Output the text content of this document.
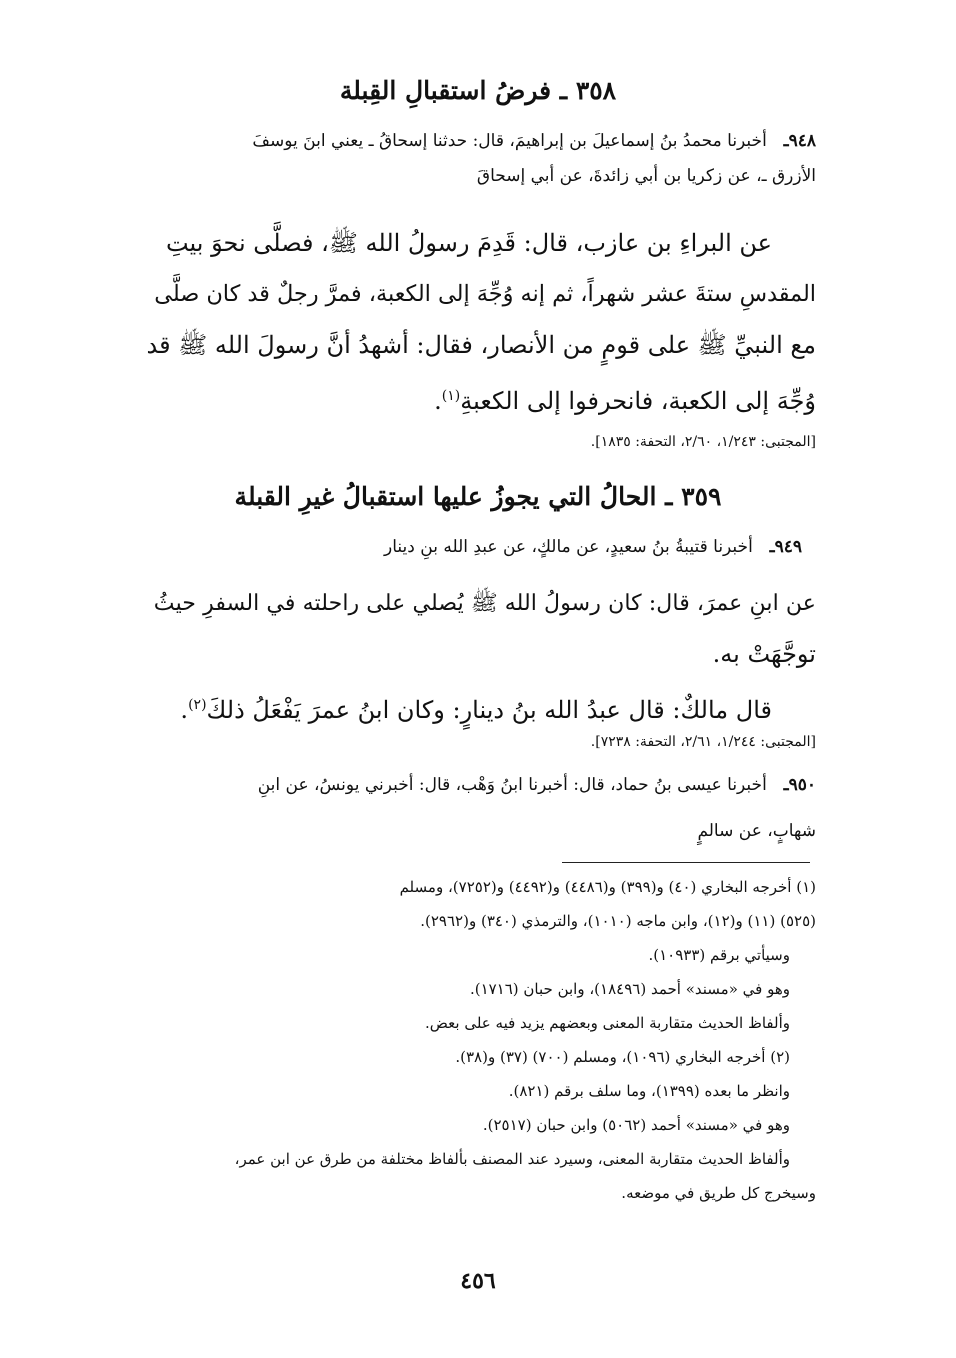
٣٥٨ ـ فرضُ استقبالِ القِبلة
٩٤٨ـ  أخبرنا محمدُ بنُ إسماعيلَ بن إبراهيمَ، قال: حدثنا إسحاقُ ـ يعني ابنَ يوسفَ
الأزرق ـ، عن زكريا بن أبي زائدةَ، عن أبي إسحاقَ
عن البراءِ بن عازب، قال: قَدِمَ رسولُ الله ﷺ، فصلَّى نحوَ بيتِ
المقدسِ ستةَ عشر شهراً، ثم إنه وُجِّهَ إلى الكعبة، فمرَّ رجلٌ قد كان صلَّى
مع النبيِّ ﷺ على قومٍ من الأنصار، فقال: أشهدُ أنَّ رسولَ الله ﷺ قد
وُجِّهَ إلى الكعبة، فانحرفوا إلى الكعبةِ$^{(١)}$.
[المجتبى: ١/٢٤٣، ٢/٦٠، التحفة: ١٨٣٥].
٣٥٩ ـ الحالُ التي يجوزُ عليها استقبالُ غيرِ القبلة
٩٤٩ـ  أخبرنا قتيبةُ بنُ سعيدٍ، عن مالكٍ، عن عبدِ الله بنِ دينار
عن ابنِ عمرَ، قال: كان رسولُ الله ﷺ يُصلي على راحلته في السفرِ حيثُ
توجَّهَتْ به.
قال مالكٌ: قال عبدُ الله بنُ دينارٍ: وكان ابنُ عمرَ يَفْعَلُ ذلكَ$^{(٢)}$.
[المجتبى: ١/٢٤٤، ٢/٦١، التحفة: ٧٢٣٨].
٩٥٠ـ  أخبرنا عيسى بنُ حماد، قال: أخبرنا ابنُ وَهْب، قال: أخبرني يونسُ، عن ابنِ
شهابٍ، عن سالمٍ
(١) أخرجه البخاري (٤٠) و(٣٩٩) و(٤٤٨٦) و(٤٤٩٢) و(٧٢٥٢)، ومسلم
(٥٢٥) (١١) و(١٢)، وابن ماجه (١٠١٠)، والترمذي (٣٤٠) و(٢٩٦٢).
وسيأتي برقم (١٠٩٣٣).
وهو في «مسند» أحمد (١٨٤٩٦)، وابن حبان (١٧١٦).
وألفاظ الحديث متقاربة المعنى وبعضهم يزيد فيه على بعض.
(٢) أخرجه البخاري (١٠٩٦)، ومسلم (٧٠٠) (٣٧) و(٣٨).
وانظر ما بعده (١٣٩٩)، وما سلف برقم (٨٢١).
وهو في «مسند» أحمد (٥٠٦٢) وابن حبان (٢٥١٧).
وألفاظ الحديث متقاربة المعنى، وسيرد عند المصنف بألفاظ مختلفة من طرق عن ابن عمر،
وسيخرج كل طريق في موضعه.
٤٥٦
